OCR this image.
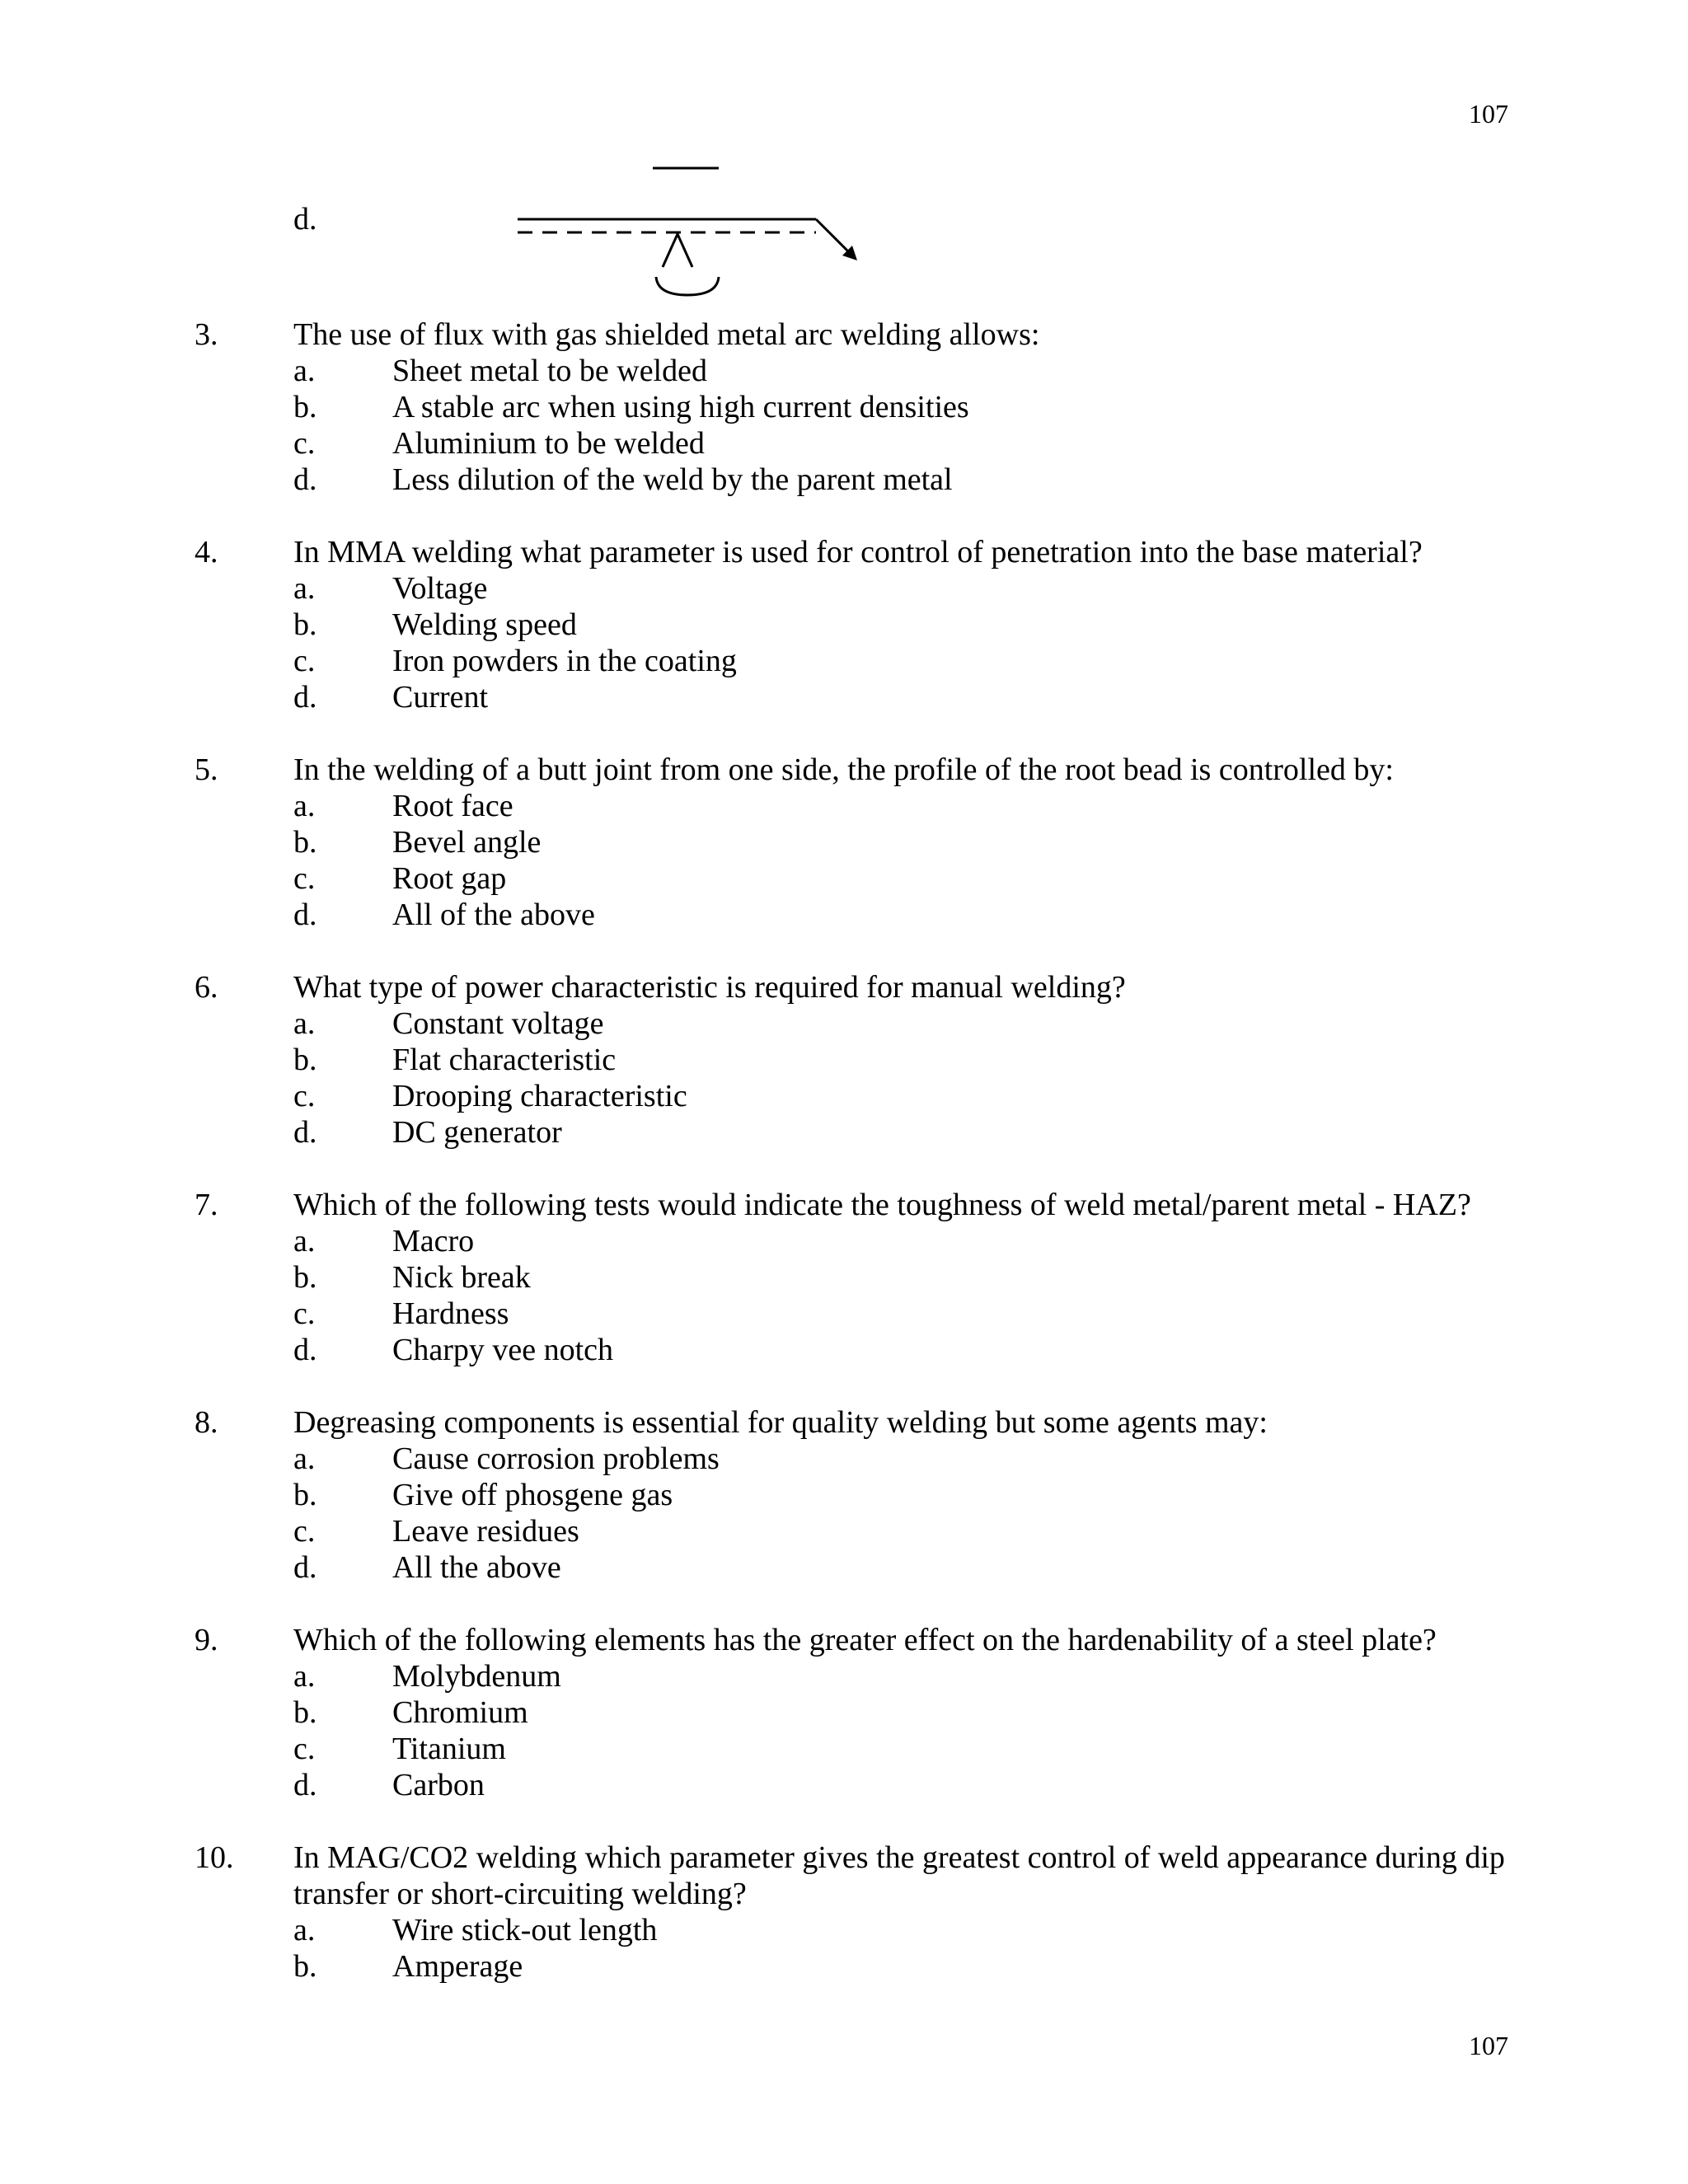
107
d.
3.	The use of flux with gas shielded metal arc welding allows:
a.	Sheet metal to be welded
b.	A stable arc when using high current densities
c.	Aluminium to be welded
d.	Less dilution of the weld by the parent metal
4.	In MMA welding what parameter is used for control of penetration into the base material?
a.	Voltage
b.	Welding speed
c.	Iron powders in the coating
d.	Current
5.	In the welding of a butt joint from one side, the profile of the root bead is controlled by:
a.	Root face
b.	Bevel angle
c.	Root gap
d.	All of the above
6.	What type of power characteristic is required for manual welding?
a.	Constant voltage
b.	Flat characteristic
c.	Drooping characteristic
d.	DC generator
7.	Which of the following tests would indicate the toughness of weld metal/parent metal - HAZ?
a.	Macro
b.	Nick break
c.	Hardness
d.	Charpy vee notch
8.	Degreasing components is essential for quality welding but some agents may:
a.	Cause corrosion problems
b.	Give off phosgene gas
c.	Leave residues
d.	All the above
9.	Which of the following elements has the greater effect on the hardenability of a steel plate?
a.	Molybdenum
b.	Chromium
c.	Titanium
d.	Carbon
10.	In MAG/CO2 welding which parameter gives the greatest control of weld appearance during dip transfer or short-circuiting welding?
a.	Wire stick-out length
b.	Amperage
107
